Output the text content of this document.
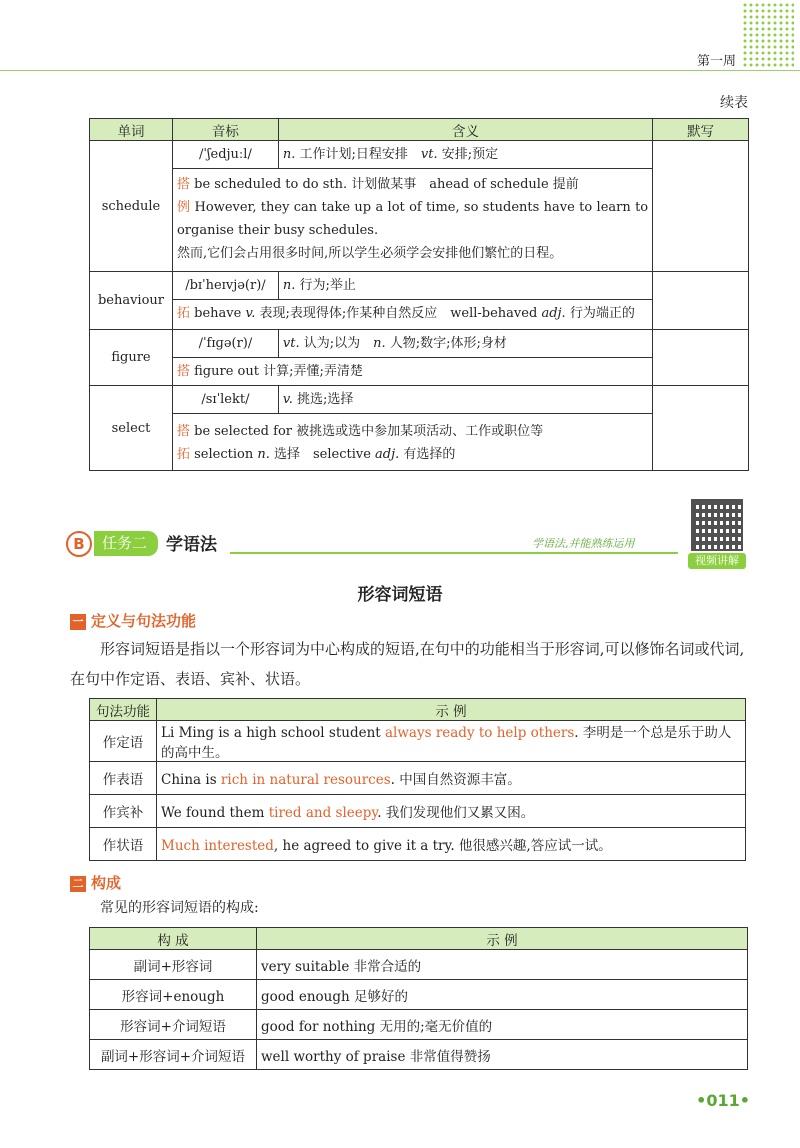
第一周
续表
单词	音标	含义	默写
schedule	/ˈʃedjuːl/	n. 工作计划;日程安排　vt. 安排;预定	

	搭 be scheduled to do sth. 计划做某事　ahead of schedule 提前
例 However, they can take up a lot of time, so students have to learn to organise their busy schedules.
然而,它们会占用很多时间,所以学生必须学会安排他们繁忙的日程。		

behaviour	/bɪˈheɪvjə(r)/	n. 行为;举止	

	拓 behave v. 表现;表现得体;作某种自然反应　well-behaved adj. 行为端正的		

figure	/ˈfɪɡə(r)/	vt. 认为;以为　n. 人物;数字;体形;身材	

	搭 figure out 计算;弄懂;弄清楚		

select	/sɪˈlekt/	v. 挑选;选择	

	搭 be selected for 被挑选或选中参加某项活动、工作或职位等
拓 selection n. 选择　selective adj. 有选择的		
B	任务二	学语法	学语法,并能熟练运用
视频讲解
形容词短语
一 定义与句法功能
形容词短语是指以一个形容词为中心构成的短语,在句中的功能相当于形容词,可以修饰名词或代词,在句中作定语、表语、宾补、状语。
句法功能	示 例
作定语	Li Ming is a high school student always ready to help others. 李明是一个总是乐于助人的高中生。
作表语	China is rich in natural resources. 中国自然资源丰富。
作宾补	We found them tired and sleepy. 我们发现他们又累又困。
作状语	Much interested, he agreed to give it a try. 他很感兴趣,答应试一试。
二 构成
常见的形容词短语的构成:
构 成	示 例
副词+形容词	very suitable 非常合适的
形容词+enough	good enough 足够好的
形容词+介词短语	good for nothing 无用的;毫无价值的
副词+形容词+介词短语	well worthy of praise 非常值得赞扬
•011•
